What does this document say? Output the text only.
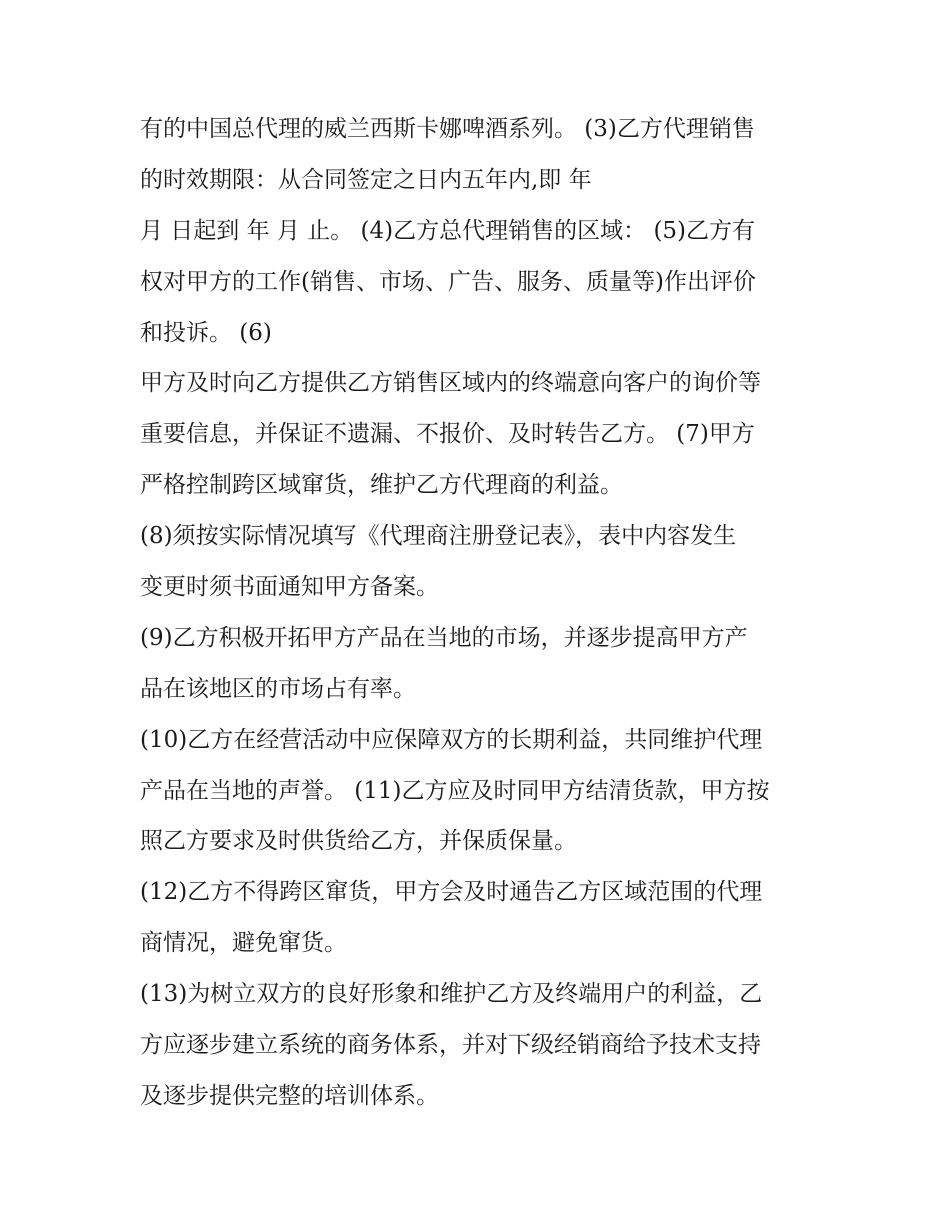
有的中国总代理的威兰西斯卡娜啤酒系列。 (3)乙方代理销售
的时效期限：从合同签定之日内五年内,即 年
月 日起到 年 月 止。 (4)乙方总代理销售的区域： (5)乙方有
权对甲方的工作(销售、市场、广告、服务、质量等)作出评价
和投诉。 (6)
甲方及时向乙方提供乙方销售区域内的终端意向客户的询价等
重要信息，并保证不遗漏、不报价、及时转告乙方。 (7)甲方
严格控制跨区域窜货，维护乙方代理商的利益。
(8)须按实际情况填写《代理商注册登记表》，表中内容发生
变更时须书面通知甲方备案。
(9)乙方积极开拓甲方产品在当地的市场，并逐步提高甲方产
品在该地区的市场占有率。
(10)乙方在经营活动中应保障双方的长期利益，共同维护代理
产品在当地的声誉。 (11)乙方应及时同甲方结清货款，甲方按
照乙方要求及时供货给乙方，并保质保量。
(12)乙方不得跨区窜货，甲方会及时通告乙方区域范围的代理
商情况，避免窜货。
(13)为树立双方的良好形象和维护乙方及终端用户的利益，乙
方应逐步建立系统的商务体系，并对下级经销商给予技术支持
及逐步提供完整的培训体系。
